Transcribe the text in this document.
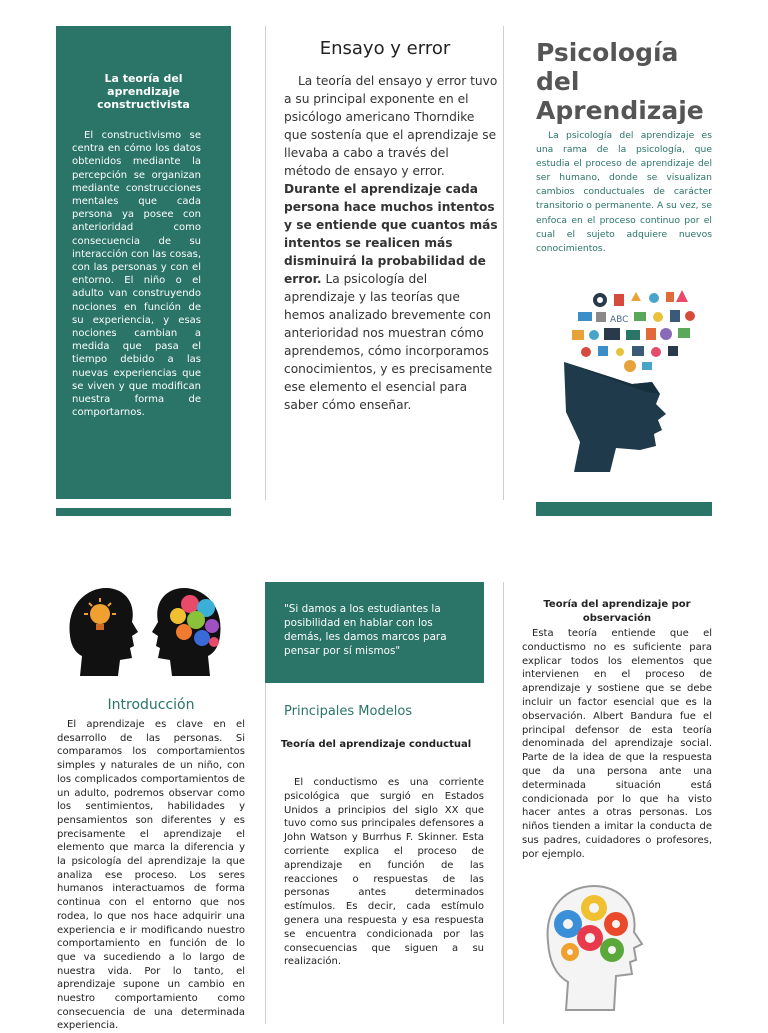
La teoría del aprendizaje constructivista
El constructivismo se centra en cómo los datos obtenidos mediante la percepción se organizan mediante construcciones mentales que cada persona ya posee con anterioridad como consecuencia de su interacción con las cosas, con las personas y con el entorno. El niño o el adulto van construyendo nociones en función de su experiencia, y esas nociones cambian a medida que pasa el tiempo debido a las nuevas experiencias que se viven y que modifican nuestra forma de comportarnos.
Ensayo y error
La teoría del ensayo y error tuvo a su principal exponente en el psicólogo americano Thorndike que sostenía que el aprendizaje se llevaba a cabo a través del método de ensayo y error. Durante el aprendizaje cada persona hace muchos intentos y se entiende que cuantos más intentos se realicen más disminuirá la probabilidad de error. La psicología del aprendizaje y las teorías que hemos analizado brevemente con anterioridad nos muestran cómo aprendemos, cómo incorporamos conocimientos, y es precisamente ese elemento el esencial para saber cómo enseñar.
Psicología del Aprendizaje
La psicología del aprendizaje es una rama de la psicología, que estudia el proceso de aprendizaje del ser humano, donde se visualizan cambios conductuales de carácter transitorio o permanente. A su vez, se enfoca en el proceso continuo por el cual el sujeto adquiere nuevos conocimientos.
ABC
Introducción
El aprendizaje es clave en el desarrollo de las personas. Si comparamos los comportamientos simples y naturales de un niño, con los complicados comportamientos de un adulto, podremos observar como los sentimientos, habilidades y pensamientos son diferentes y es precisamente el aprendizaje el elemento que marca la diferencia y la psicología del aprendizaje la que analiza ese proceso. Los seres humanos interactuamos de forma continua con el entorno que nos rodea, lo que nos hace adquirir una experiencia e ir modificando nuestro comportamiento en función de lo que va sucediendo a lo largo de nuestra vida. Por lo tanto, el aprendizaje supone un cambio en nuestro comportamiento como consecuencia de una determinada experiencia.
"Si damos a los estudiantes la posibilidad en hablar con los demás, les damos marcos para pensar por sí mismos"
Principales Modelos
Teoría del aprendizaje conductual
El conductismo es una corriente psicológica que surgió en Estados Unidos a principios del siglo XX que tuvo como sus principales defensores a John Watson y Burrhus F. Skinner. Esta corriente explica el proceso de aprendizaje en función de las reacciones o respuestas de las personas antes determinados estímulos. Es decir, cada estímulo genera una respuesta y esa respuesta se encuentra condicionada por las consecuencias que siguen a su realización.
Teoría del aprendizaje por observación
Esta teoría entiende que el conductismo no es suficiente para explicar todos los elementos que intervienen en el proceso de aprendizaje y sostiene que se debe incluir un factor esencial que es la observación. Albert Bandura fue el principal defensor de esta teoría denominada del aprendizaje social. Parte de la idea de que la respuesta que da una persona ante una determinada situación está condicionada por lo que ha visto hacer antes a otras personas. Los niños tienden a imitar la conducta de sus padres, cuidadores o profesores, por ejemplo.
